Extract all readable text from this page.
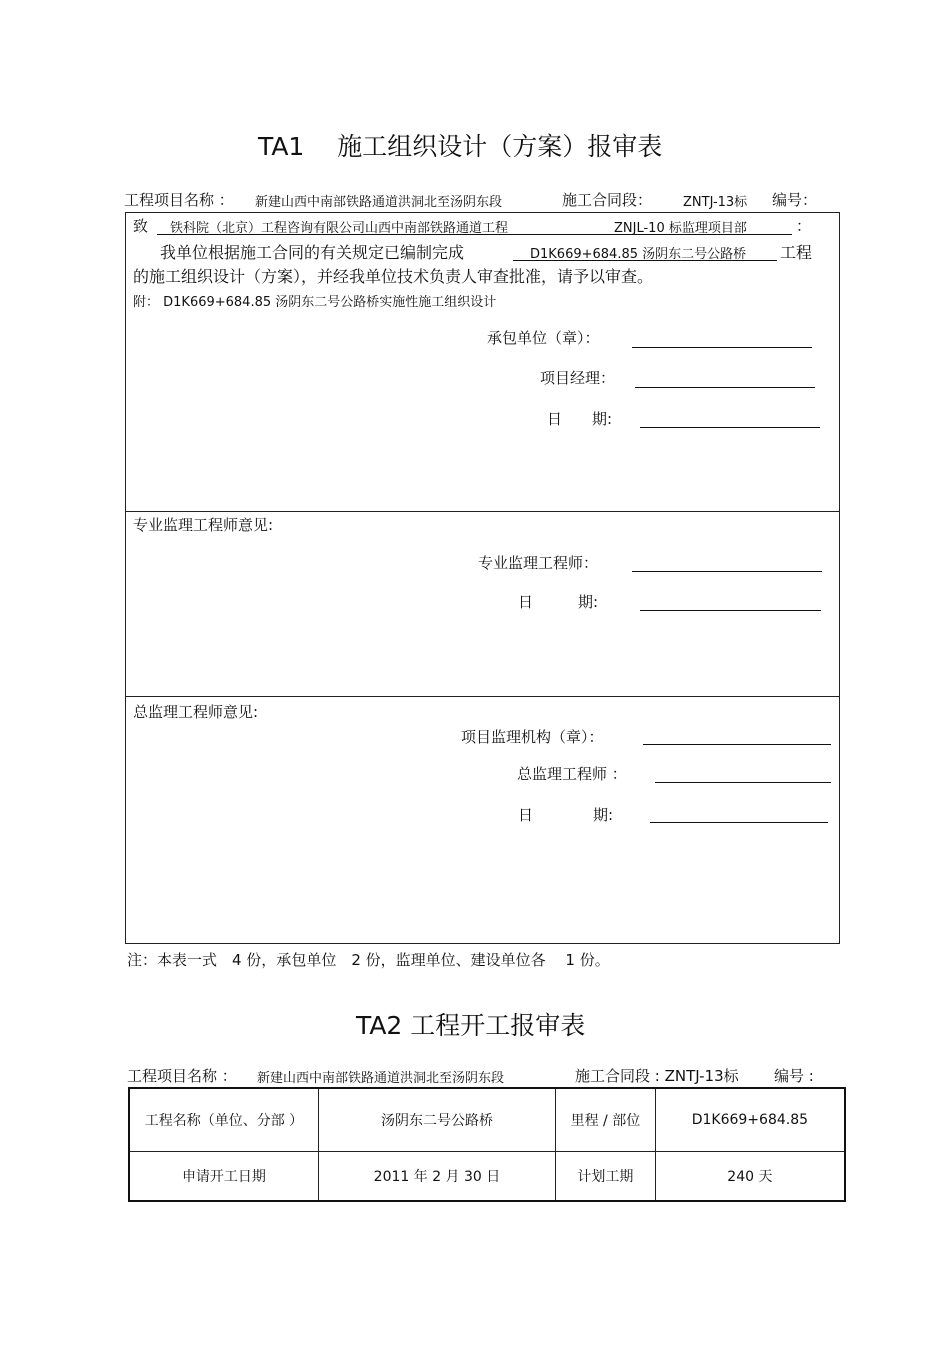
TA1　 施工组织设计（方案）报审表
工程项目名称 ： 新建山西中南部铁路通道洪洞北至汤阴东段	施工合同段： ZNTJ-13标 编号：
致 铁科院（北京）工程咨询有限公司山西中南部铁路通道工程	ZNJL-10 标监理项目部	：
我单位根据施工合同的有关规定已编制完成	D1K669+684.85 汤阴东二号公路桥 工程
的施工组织设计（方案），并经我单位技术负责人审查批准，请予以审查。
附： D1K669+684.85 汤阴东二号公路桥实施性施工组织设计
承包单位（章）：
项目经理：
日　　期:
专业监理工程师意见:
专业监理工程师：
日　　　期:
总监理工程师意见:
项目监理机构（章）：
总监理工程师 ：
日　　　　期:
注：本表一式　4 份，承包单位　2 份，监理单位、建设单位各　 1 份。
TA2 工程开工报审表
工程项目名称 ： 新建山西中南部铁路通道洪洞北至汤阴东段	施工合同段 : ZNTJ-13标 编号 :
工程名称（单位、分部 ）	汤阴东二号公路桥	里程 / 部位	D1K669+684.85
申请开工日期	2011 年 2 月 30 日	计划工期	240 天
